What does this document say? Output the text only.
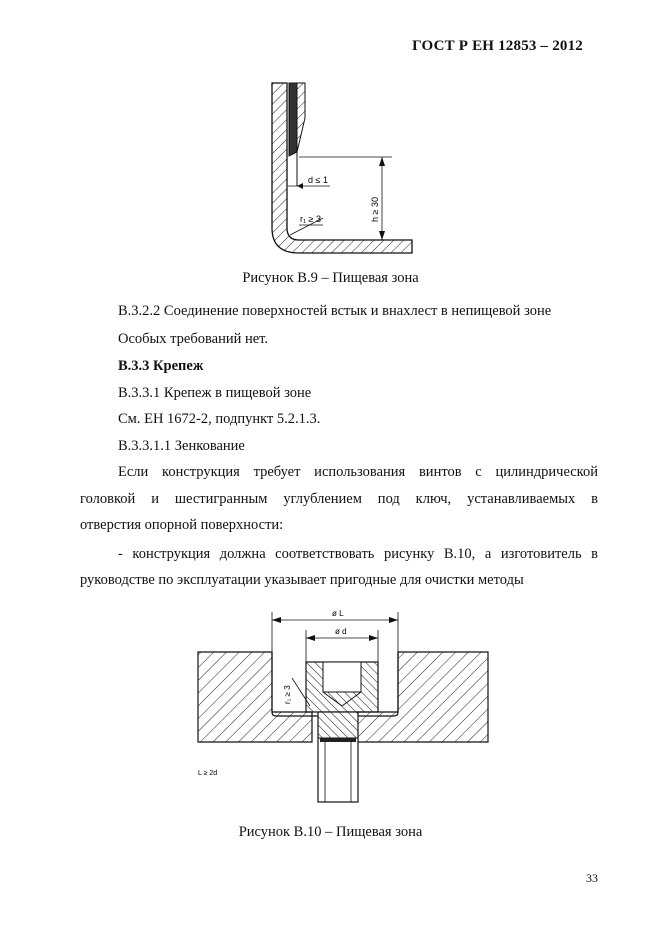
ГОСТ Р ЕН 12853 – 2012
d ≤ 1
h ≥ 30
r₁ ≥ 3
Рисунок В.9 – Пищевая зона
В.3.2.2 Соединение поверхностей встык и внахлест в непищевой зоне
Особых требований нет.
В.3.3 Крепеж
В.3.3.1 Крепеж в пищевой зоне
См. ЕН 1672-2, подпункт 5.2.1.3.
В.3.3.1.1 Зенкование
Если конструкция требует использования винтов с цилиндрической
головкой и шестигранным углублением под ключ, устанавливаемых в
отверстия опорной поверхности:
- конструкция должна соответствовать рисунку В.10, а изготовитель в
руководстве по эксплуатации указывает пригодные для очистки методы
ø L
ø d
r₁ ≥ 3
L ≥ 2d
Рисунок В.10 – Пищевая зона
33
